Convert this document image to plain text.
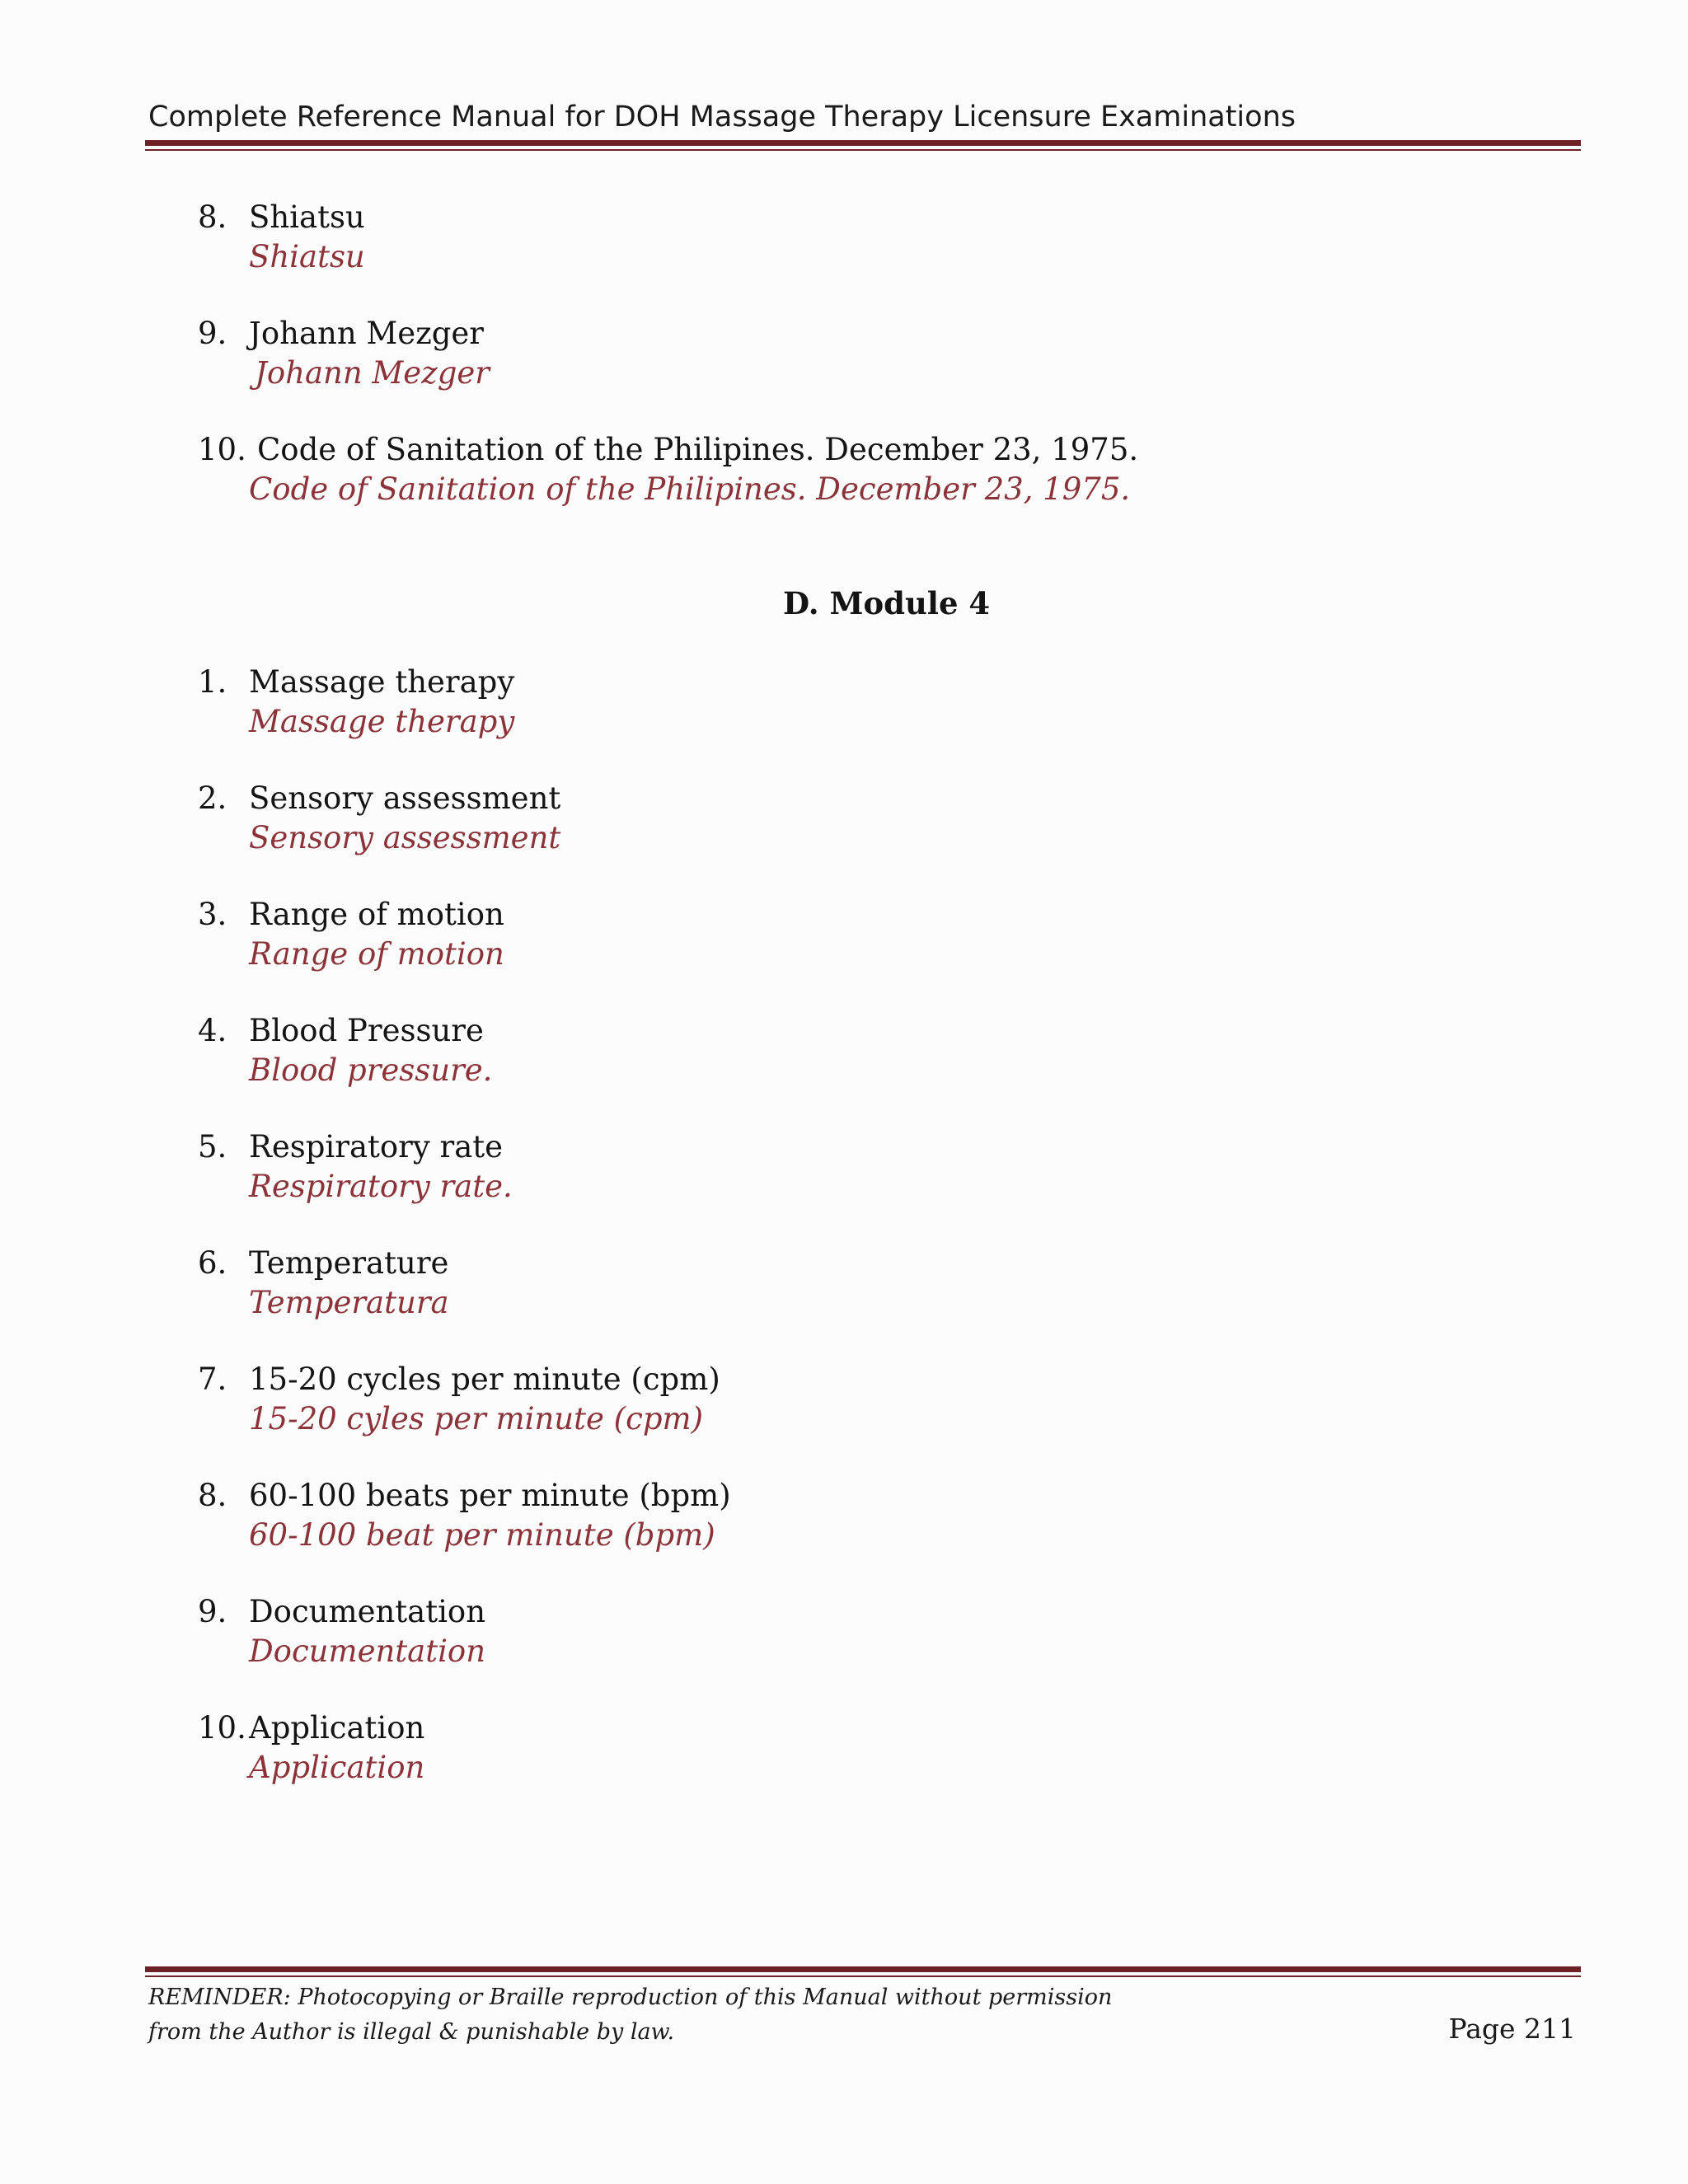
Complete Reference Manual for DOH Massage Therapy Licensure Examinations
8. Shiatsu
Shiatsu
9. Johann Mezger
Johann Mezger
10. Code of Sanitation of the Philipines. December 23, 1975.
Code of Sanitation of the Philipines. December 23, 1975.
D. Module 4
1. Massage therapy
Massage therapy
2. Sensory assessment
Sensory assessment
3. Range of motion
Range of motion
4. Blood Pressure
Blood pressure.
5. Respiratory rate
Respiratory rate.
6. Temperature
Temperatura
7. 15-20 cycles per minute (cpm)
15-20 cyles per minute (cpm)
8. 60-100 beats per minute (bpm)
60-100 beat per minute (bpm)
9. Documentation
Documentation
10.Application
Application
REMINDER: Photocopying or Braille reproduction of this Manual without permission
from the Author is illegal & punishable by law.	Page 211
